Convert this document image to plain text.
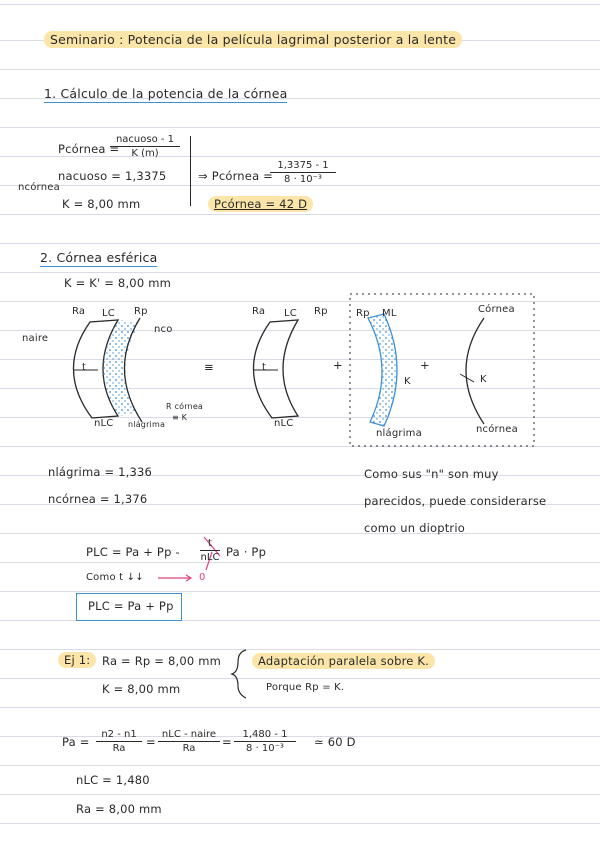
Seminario : Potencia de la película lagrimal posterior a la lente
1. Cálculo de la potencia de la córnea
Pcórnea =
nacuoso - 1
K (m)
nacuoso = 1,3375
ncórnea
K = 8,00 mm
⇒ Pcórnea =
$\frac{1,3375 - 1}{\text{8 · 10⁻³}}$
Pcórnea = 42 D
2. Córnea esférica
K = K' = 8,00 mm
Ra LC Rp
nco
naire
t
nLC nlágrima
R córnea
≡ K
≡
Ra LC Rp
t
nLC
+
Rp ML
K
nlágrima
+
Córnea
K
ncórnea
nlágrima = 1,336
ncórnea = 1,376
Como sus "n" son muy
parecidos, puede considerarse
como un dioptrio
PLC = Pa + Pp -
t
nLC Pa · Pp
Como t ↓↓	0
PLC = Pa + Pp
Ej 1:	Ra = Rp = 8,00 mm
K = 8,00 mm
Adaptación paralela sobre K.
Porque Rp = K.
$Pa = \frac{n2 - n1}{Ra}$ =
nLC - naire
Ra	= $\frac{1,480 - 1}{\text{8 · 10⁻³}}$ ≃ 60 D
nLC = 1,480
Ra = 8,00 mm
